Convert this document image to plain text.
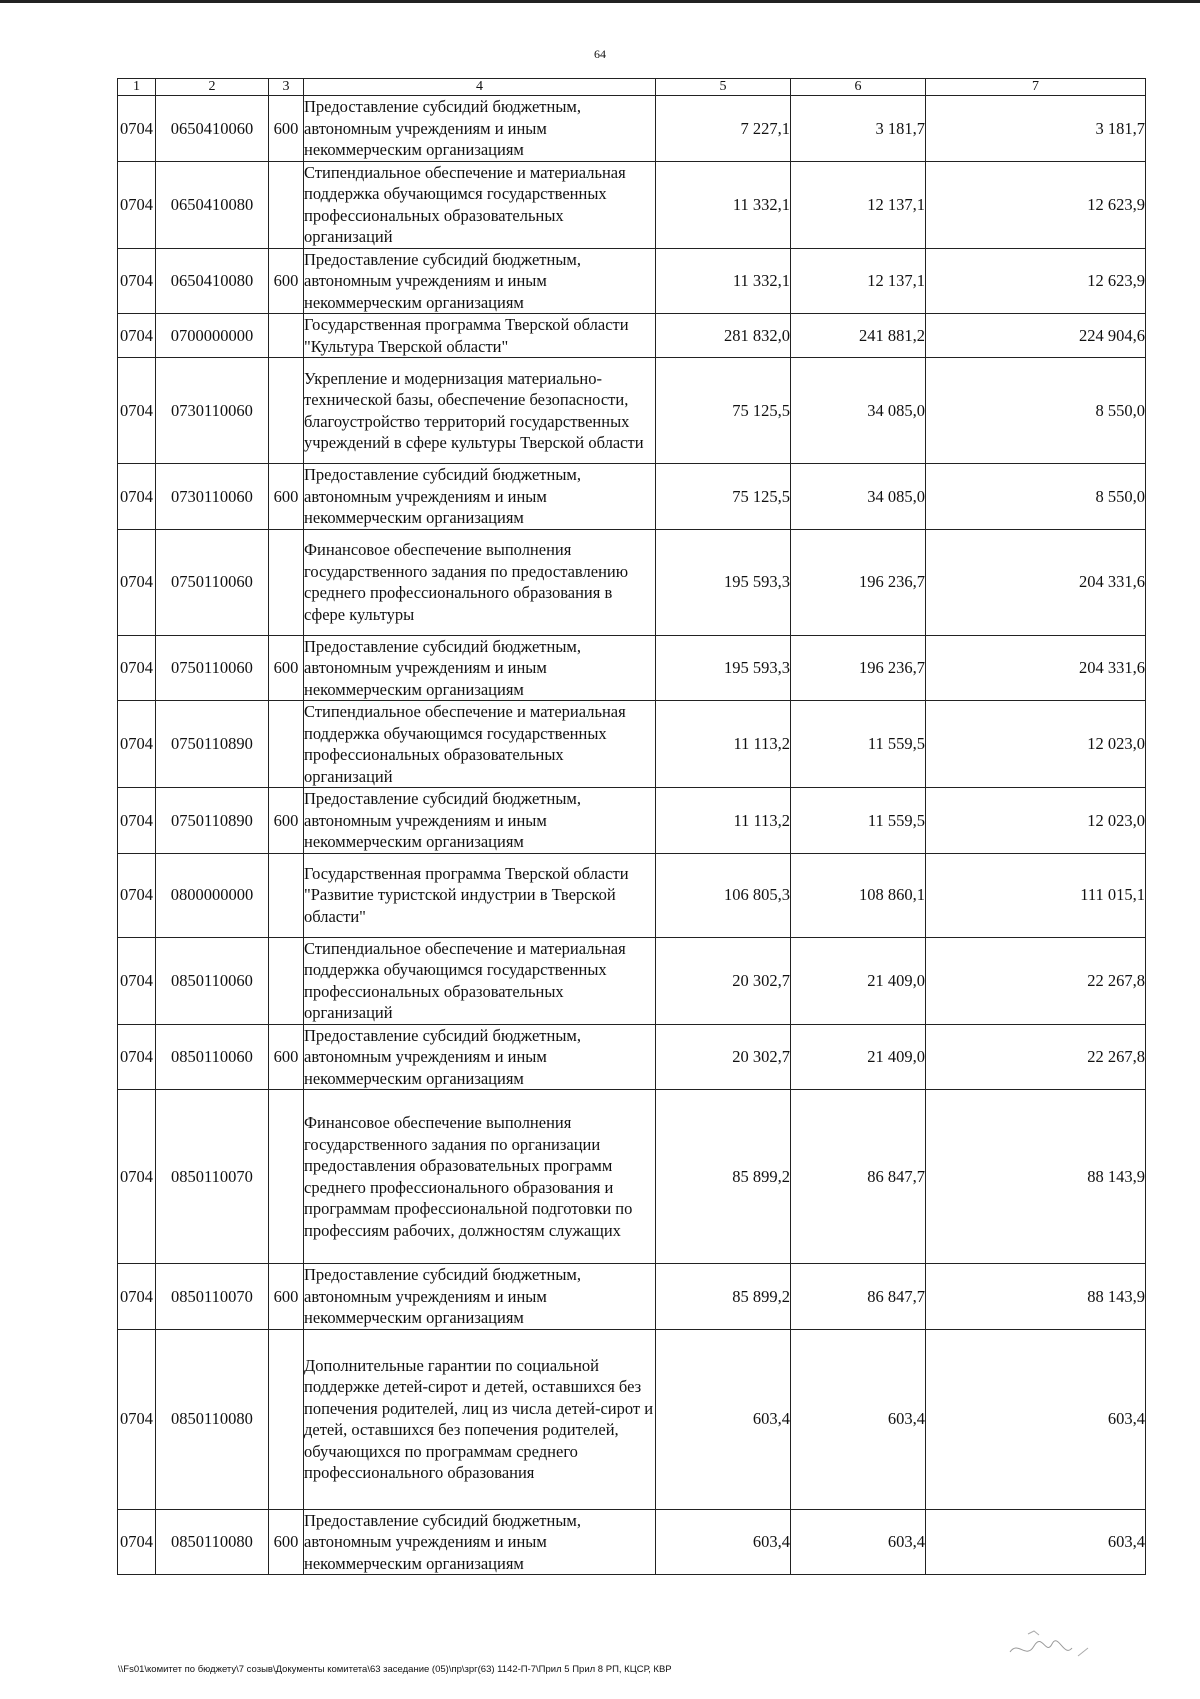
64
1	2	3	4	5	6	7
0704	0650410060	600	Предоставление субсидий бюджетным, автономным учреждениям и иным некоммерческим организациям	7 227,1	3 181,7	3 181,7
0704	0650410080		Стипендиальное обеспечение и материальная поддержка обучающимся государственных профессиональных образовательных организаций	11 332,1	12 137,1	12 623,9
0704	0650410080	600	Предоставление субсидий бюджетным, автономным учреждениям и иным некоммерческим организациям	11 332,1	12 137,1	12 623,9
0704	0700000000		Государственная программа Тверской области "Культура Тверской области"	281 832,0	241 881,2	224 904,6
0704	0730110060		Укрепление и модернизация материально-технической базы, обеспечение безопасности, благоустройство территорий государственных учреждений в сфере культуры Тверской области	75 125,5	34 085,0	8 550,0
0704	0730110060	600	Предоставление субсидий бюджетным, автономным учреждениям и иным некоммерческим организациям	75 125,5	34 085,0	8 550,0
0704	0750110060		Финансовое обеспечение выполнения государственного задания по предоставлению среднего профессионального образования в сфере культуры	195 593,3	196 236,7	204 331,6
0704	0750110060	600	Предоставление субсидий бюджетным, автономным учреждениям и иным некоммерческим организациям	195 593,3	196 236,7	204 331,6
0704	0750110890		Стипендиальное обеспечение и материальная поддержка обучающимся государственных профессиональных образовательных организаций	11 113,2	11 559,5	12 023,0
0704	0750110890	600	Предоставление субсидий бюджетным, автономным учреждениям и иным некоммерческим организациям	11 113,2	11 559,5	12 023,0
0704	0800000000		Государственная программа Тверской области "Развитие туристской индустрии в Тверской области"	106 805,3	108 860,1	111 015,1
0704	0850110060		Стипендиальное обеспечение и материальная поддержка обучающимся государственных профессиональных образовательных организаций	20 302,7	21 409,0	22 267,8
0704	0850110060	600	Предоставление субсидий бюджетным, автономным учреждениям и иным некоммерческим организациям	20 302,7	21 409,0	22 267,8
0704	0850110070		Финансовое обеспечение выполнения государственного задания по организации предоставления образовательных программ среднего профессионального образования и программам профессиональной подготовки по профессиям рабочих, должностям служащих	85 899,2	86 847,7	88 143,9
0704	0850110070	600	Предоставление субсидий бюджетным, автономным учреждениям и иным некоммерческим организациям	85 899,2	86 847,7	88 143,9
0704	0850110080		Дополнительные гарантии по социальной поддержке детей-сирот и детей, оставшихся без попечения родителей, лиц из числа детей-сирот и детей, оставшихся без попечения родителей, обучающихся по программам среднего профессионального образования	603,4	603,4	603,4
0704	0850110080	600	Предоставление субсидий бюджетным, автономным учреждениям и иным некоммерческим организациям	603,4	603,4	603,4
\\Fs01\комитет по бюджету\7 созыв\Документы комитета\63 заседание (05)\пр\зрг(63) 1142-П-7\Прил 5 Прил 8 РП, КЦСР, КВР
